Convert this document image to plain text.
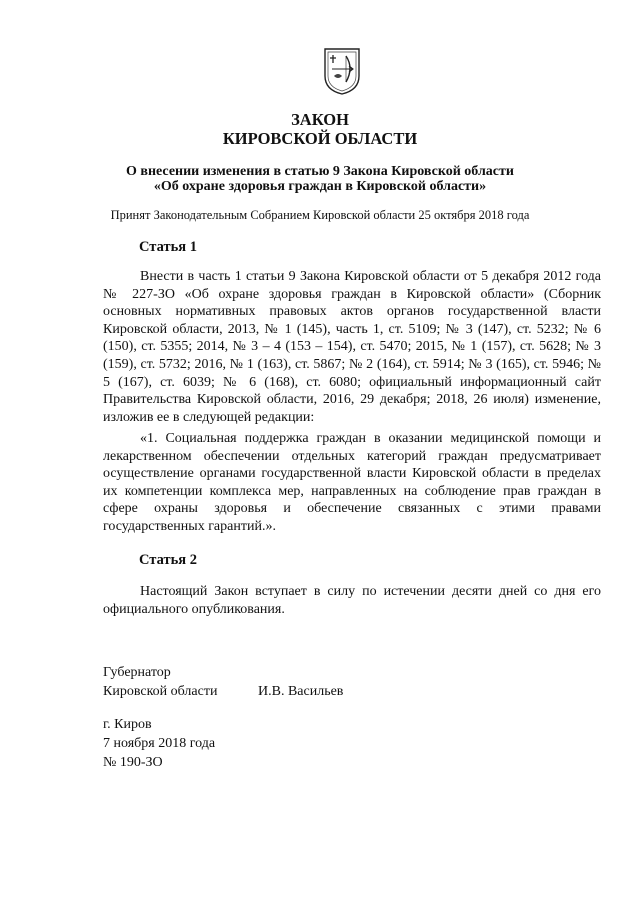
ЗАКОН

КИРОВСКОЙ ОБЛАСТИ

О внесении изменения в статью 9 Закона Кировской области

«Об охране здоровья граждан в Кировской области»

Принят Законодательным Собранием Кировской области 25 октября 2018 года

Статья 1

Внести в часть 1 статьи 9 Закона Кировской области от 5 декабря 2012 года № 227-ЗО «Об охране здоровья граждан в Кировской области» (Сборник основных нормативных правовых актов органов государственной власти Кировской области, 2013, № 1 (145), часть 1, ст. 5109; № 3 (147), ст. 5232; № 6 (150), ст. 5355; 2014, № 3 – 4 (153 – 154), ст. 5470; 2015, № 1 (157), ст. 5628; № 3 (159), ст. 5732; 2016, № 1 (163), ст. 5867; № 2 (164), ст. 5914; № 3 (165), ст. 5946; № 5 (167), ст. 6039; № 6 (168), ст. 6080; официальный информационный сайт Правительства Кировской области, 2016, 29 декабря; 2018, 26 июля) изменение, изложив ее в следующей редакции:

«1. Социальная поддержка граждан в оказании медицинской помощи и лекарственном обеспечении отдельных категорий граждан предусматривает осуществление органами государственной власти Кировской области в пределах их компетенции комплекса мер, направленных на соблюдение прав граждан в сфере охраны здоровья и обеспечение связанных с этими правами государственных гарантий.».

Статья 2

Настоящий Закон вступает в силу по истечении десяти дней со дня его официального опубликования.

Губернатор

Кировской области	И.В. Васильев

г. Киров

7 ноября 2018 года

№ 190-ЗО
